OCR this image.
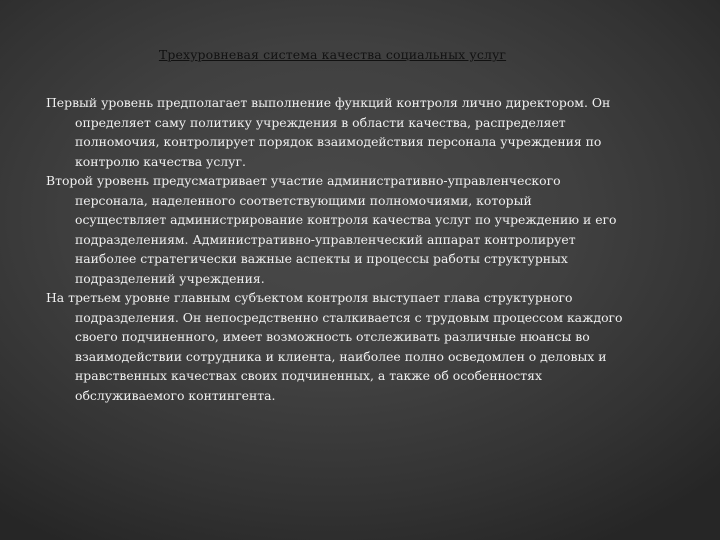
Трехуровневая система качества социальных услуг

Первый уровень предполагает выполнение функций контроля лично директором. Он определяет саму политику учреждения в области качества, распределяет полномочия, контролирует порядок взаимодействия персонала учреждения по контролю качества услуг.

Второй уровень предусматривает участие административно-управленческого персонала, наделенного соответствующими полномочиями, который осуществляет администрирование контроля качества услуг по учреждению и его подразделениям. Административно-управленческий аппарат контролирует наиболее стратегически важные аспекты и процессы работы структурных подразделений учреждения.

На третьем уровне главным субъектом контроля выступает глава структурного подразделения. Он непосредственно сталкивается с трудовым процессом каждого своего подчиненного, имеет возможность отслеживать различные нюансы во взаимодействии сотрудника и клиента, наиболее полно осведомлен о деловых и нравственных качествах своих подчиненных, а также об особенностях обслуживаемого контингента.
